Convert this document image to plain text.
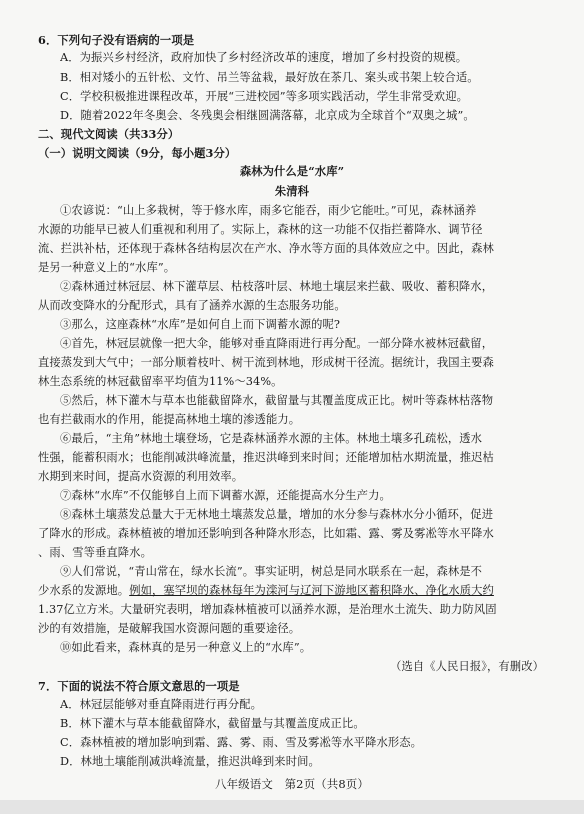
6．下列句子没有语病的一项是
A．为振兴乡村经济，政府加快了乡村经济改革的速度，增加了乡村投资的规模。
B．相对矮小的五针松、文竹、吊兰等盆栽，最好放在茶几、案头或书架上较合适。
C．学校积极推进课程改革，开展“三进校园”等多项实践活动，学生非常受欢迎。
D．随着2022年冬奥会、冬残奥会相继圆满落幕，北京成为全球首个“双奥之城”。
二、现代文阅读（共33分）
（一）说明文阅读（9分，每小题3分）
森林为什么是“水库”
朱清科
①农谚说：“山上多栽树，等于修水库，雨多它能吞，雨少它能吐。”可见，森林涵养
水源的功能早已被人们重视和利用了。实际上，森林的这一功能不仅指拦蓄降水、调节径
流、拦洪补枯，还体现于森林各结构层次在产水、净水等方面的具体效应之中。因此，森林
是另一种意义上的“水库”。
②森林通过林冠层、林下灌草层、枯枝落叶层、林地土壤层来拦截、吸收、蓄积降水，
从而改变降水的分配形式，具有了涵养水源的生态服务功能。
③那么，这座森林“水库”是如何自上而下调蓄水源的呢?
④首先，林冠层就像一把大伞，能够对垂直降雨进行再分配。一部分降水被林冠截留，
直接蒸发到大气中；一部分顺着枝叶、树干流到林地，形成树干径流。据统计，我国主要森
林生态系统的林冠截留率平均值为11%～34%。
⑤然后，林下灌木与草本也能截留降水，截留量与其覆盖度成正比。树叶等森林枯落物
也有拦截雨水的作用，能提高林地土壤的渗透能力。
⑥最后，“主角”林地土壤登场，它是森林涵养水源的主体。林地土壤多孔疏松，透水
性强，能蓄积雨水；也能削减洪峰流量，推迟洪峰到来时间；还能增加枯水期流量，推迟枯
水期到来时间，提高水资源的利用效率。
⑦森林“水库”不仅能够自上而下调蓄水源，还能提高水分生产力。
⑧森林土壤蒸发总量大于无林地土壤蒸发总量，增加的水分参与森林水分小循环，促进
了降水的形成。森林植被的增加还影响到各种降水形态，比如霜、露、雾及雾凇等水平降水
、雨、雪等垂直降水。
⑨人们常说，“青山常在，绿水长流”。事实证明，树总是同水联系在一起，森林是不
少水系的发源地。例如，塞罕坝的森林每年为滦河与辽河下游地区蓄积降水、净化水质大约
1.37亿立方米。大量研究表明，增加森林植被可以涵养水源，是治理水土流失、助力防风固
沙的有效措施，是破解我国水资源问题的重要途径。
⑩如此看来，森林真的是另一种意义上的“水库”。
（选自《人民日报》，有删改）
7．下面的说法不符合原文意思的一项是
A．林冠层能够对垂直降雨进行再分配。
B．林下灌木与草本能截留降水，截留量与其覆盖度成正比。
C．森林植被的增加影响到霜、露、雾、雨、雪及雾凇等水平降水形态。
D．林地土壤能削减洪峰流量，推迟洪峰到来时间。
八年级语文　第2页（共8页）
